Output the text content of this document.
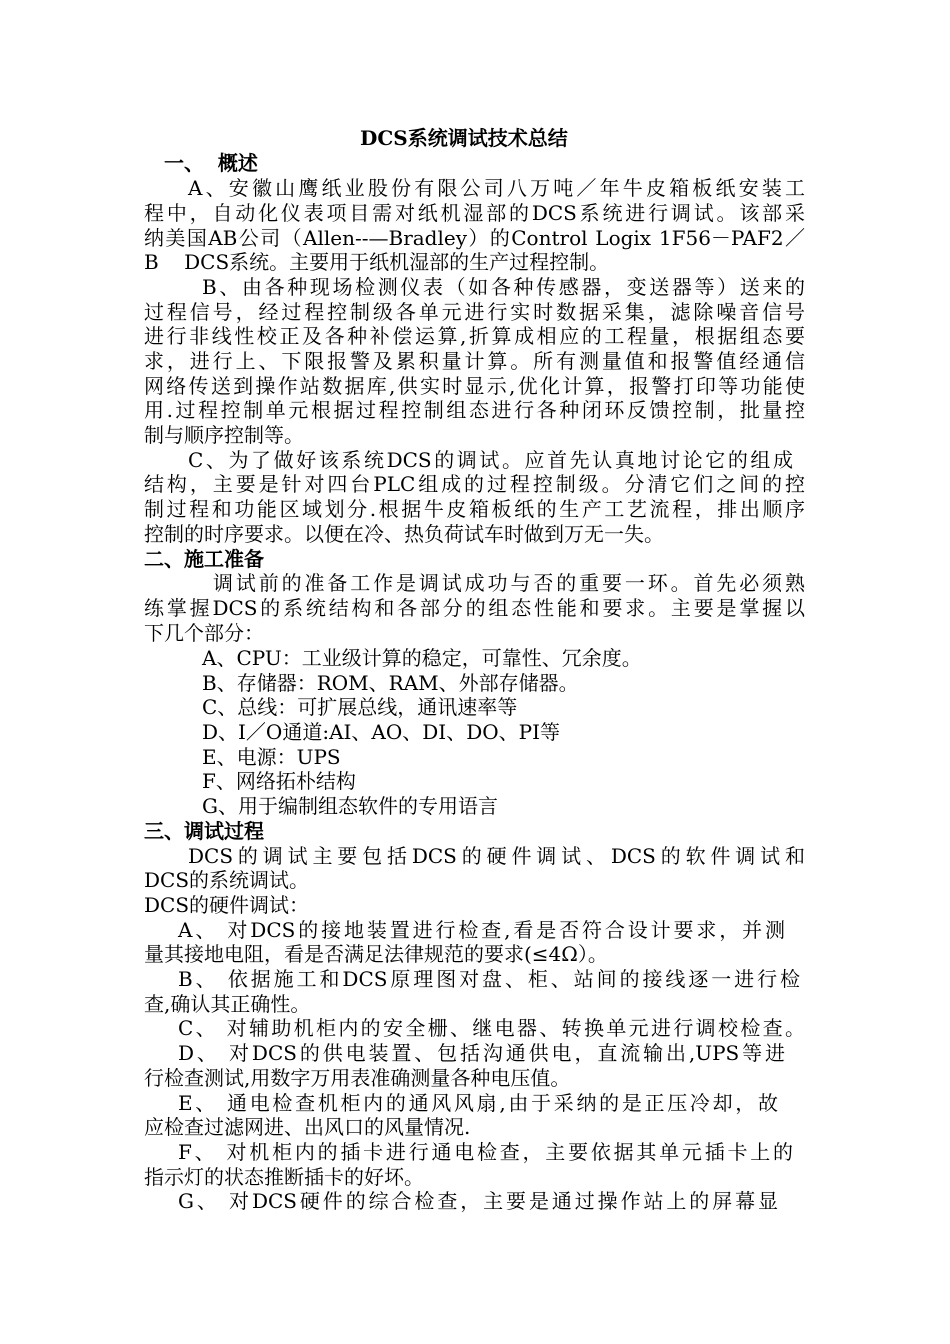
DCS系统调试技术总结
一、  概述
A、安徽山鹰纸业股份有限公司八万吨／年牛皮箱板纸安装工
程中，自动化仪表项目需对纸机湿部的DCS系统进行调试。该部采
纳美国AB公司（Allen--—Bradley）的Control Logix 1F56－PAF2／
B    DCS系统。主要用于纸机湿部的生产过程控制。
B、由各种现场检测仪表（如各种传感器，变送器等）送来的
过程信号，经过程控制级各单元进行实时数据采集，滤除噪音信号
进行非线性校正及各种补偿运算,折算成相应的工程量，根据组态要
求，进行上、下限报警及累积量计算。所有测量值和报警值经通信
网络传送到操作站数据库,供实时显示,优化计算，报警打印等功能使
用.过程控制单元根据过程控制组态进行各种闭环反馈控制，批量控
制与顺序控制等。
C、为了做好该系统DCS的调试。应首先认真地讨论它的组成
结构，主要是针对四台PLC组成的过程控制级。分清它们之间的控
制过程和功能区域划分.根据牛皮箱板纸的生产工艺流程，排出顺序
控制的时序要求。以便在冷、热负荷试车时做到万无一失。
二、施工准备
调试前的准备工作是调试成功与否的重要一环。首先必须熟
练掌握DCS的系统结构和各部分的组态性能和要求。主要是掌握以
下几个部分：
A、CPU：工业级计算的稳定，可靠性、冗余度。
B、存储器：ROM、RAM、外部存储器。
C、总线：可扩展总线，通讯速率等
D、I／O通道:AI、AO、DI、DO、PI等
E、电源：UPS
F、网络拓朴结构
G、用于编制组态软件的专用语言
三、调试过程
DCS的调试主要包括DCS的硬件调试、DCS的软件调试和
DCS的系统调试。
DCS的硬件调试：
A、 对DCS的接地装置进行检查,看是否符合设计要求，并测
量其接地电阻，看是否满足法律规范的要求(≤4Ω）。
B、 依据施工和DCS原理图对盘、柜、站间的接线逐一进行检
查,确认其正确性。
C、 对辅助机柜内的安全栅、继电器、转换单元进行调校检查。
D、 对DCS的供电装置、包括沟通供电，直流输出,UPS等进
行检查测试,用数字万用表准确测量各种电压值。
E、 通电检查机柜内的通风风扇,由于采纳的是正压冷却，故
应检查过滤网进、出风口的风量情况.
F、 对机柜内的插卡进行通电检查，主要依据其单元插卡上的
指示灯的状态推断插卡的好坏。
G、 对DCS硬件的综合检查，主要是通过操作站上的屏幕显
